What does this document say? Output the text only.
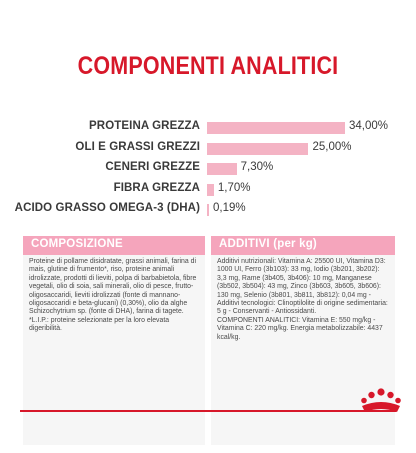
COMPONENTI ANALITICI
PROTEINA GREZZA	34,00%
OLI E GRASSI GREZZI	25,00%
CENERI GREZZE	7,30%
FIBRA GREZZA 1,70%
ACIDO GRASSO OMEGA-3 (DHA) 0,19%
COMPOSIZIONE

Proteine di pollame disidratate, grassi animali, farina di mais, glutine di frumento*, riso, proteine animali idrolizzate, prodotti di lieviti, polpa di barbabietola, fibre vegetali, olio di soia, sali minerali, olio di pesce, frutto-oligosaccaridi, lieviti idrolizzati (fonte di mannano-oligosaccaridi e beta-glucani) (0,30%), olio da alghe Schizochytrium sp. (fonte di DHA), farina di tagete.

*L.I.P.: proteine selezionate per la loro elevata digeribilità.

ADDITIVI (per kg)

Additivi nutrizionali: Vitamina A: 25500 UI, Vitamina D3: 1000 UI, Ferro (3b103): 33 mg, Iodio (3b201, 3b202): 3,3 mg, Rame (3b405, 3b406): 10 mg, Manganese (3b502, 3b504): 43 mg, Zinco (3b603, 3b605, 3b606): 130 mg, Selenio (3b801, 3b811, 3b812): 0,04 mg - Additivi tecnologici: Clinoptilolite di origine sedimentaria: 5 g - Conservanti - Antiossidanti.

COMPONENTI ANALITICI: Vitamina E: 550 mg/kg - Vitamina C: 220 mg/kg. Energia metabolizzabile: 4437 kcal/kg.
